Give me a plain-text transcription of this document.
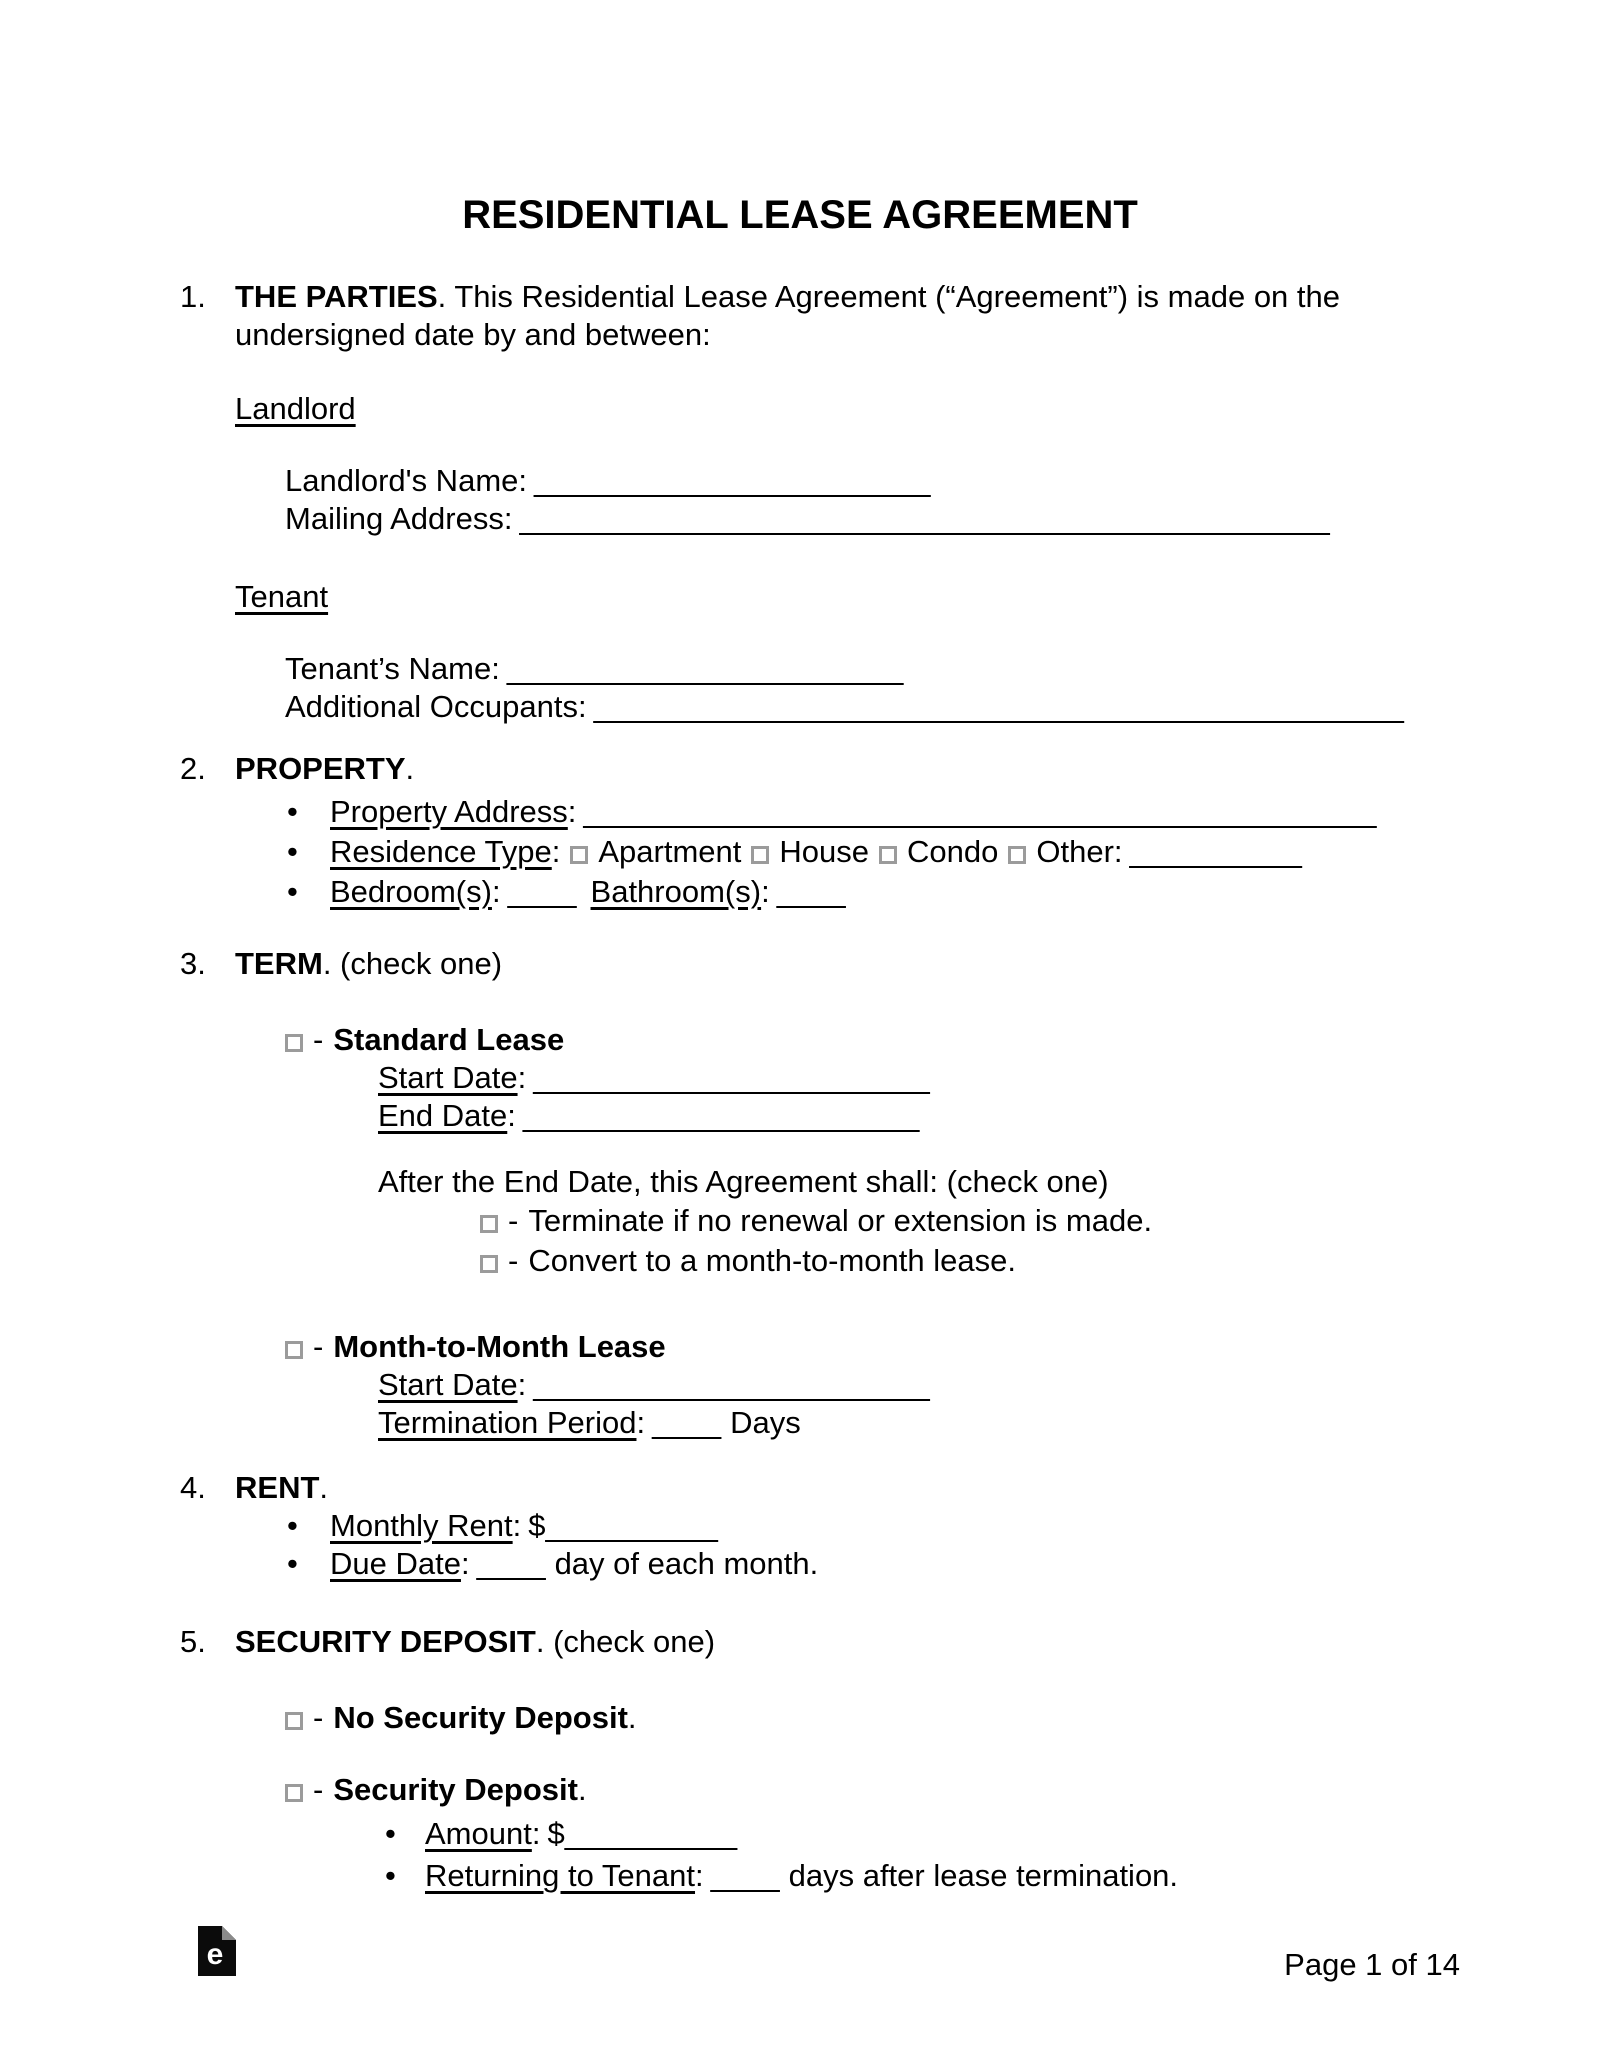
RESIDENTIAL LEASE AGREEMENT
1. THE PARTIES. This Residential Lease Agreement (“Agreement”) is made on the undersigned date by and between:

Landlord
Landlord's Name: _______________________
Mailing Address: _______________________________________________
Tenant
Tenant’s Name: _______________________
Additional Occupants: _______________________________________________
2. PROPERTY.

•	Property Address: ______________________________________________
•	Residence Type: Apartment House Condo Other: __________
•	Bedroom(s): ____ Bathroom(s): ____
3. TERM. (check one)

- Standard Lease
Start Date: _______________________
End Date: _______________________
After the End Date, this Agreement shall: (check one)
- Terminate if no renewal or extension is made.
- Convert to a month-to-month lease.
- Month-to-Month Lease
Start Date: _______________________
Termination Period: ____ Days
4. RENT.

•	Monthly Rent: $__________
•	Due Date: ____ day of each month.
5. SECURITY DEPOSIT. (check one)

- No Security Deposit.
- Security Deposit.
• Amount: $__________
• Returning to Tenant: ____ days after lease termination.
e	Page 1 of 14
